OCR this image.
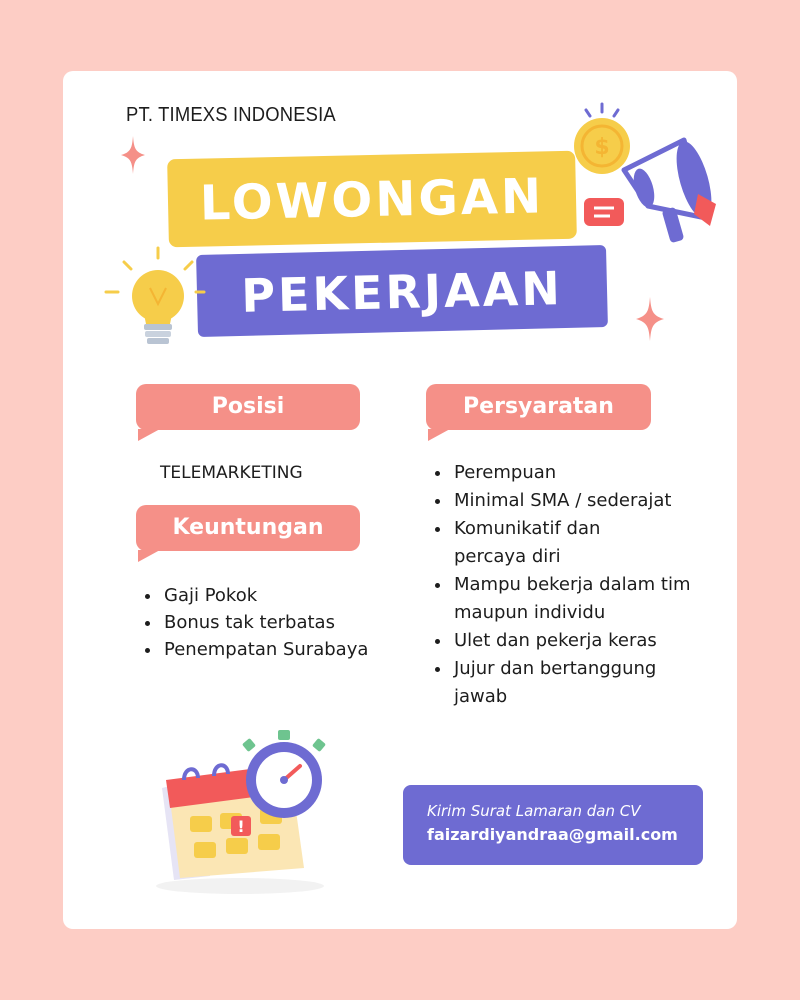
PT. TIMEXS INDONESIA
LOWONGAN
PEKERJAAN
$
Posisi	Persyaratan
Keuntungan
TELEMARKETING
• Gaji Pokok
• Bonus tak terbatas
• Penempatan Surabaya
• Perempuan
• Minimal SMA / sederajat
• Komunikatif dan percaya diri
• Mampu bekerja dalam tim maupun individu
• Ulet dan pekerja keras
• Jujur dan bertanggung jawab
!
Kirim Surat Lamaran dan CV
faizardiyandraa@gmail.com
